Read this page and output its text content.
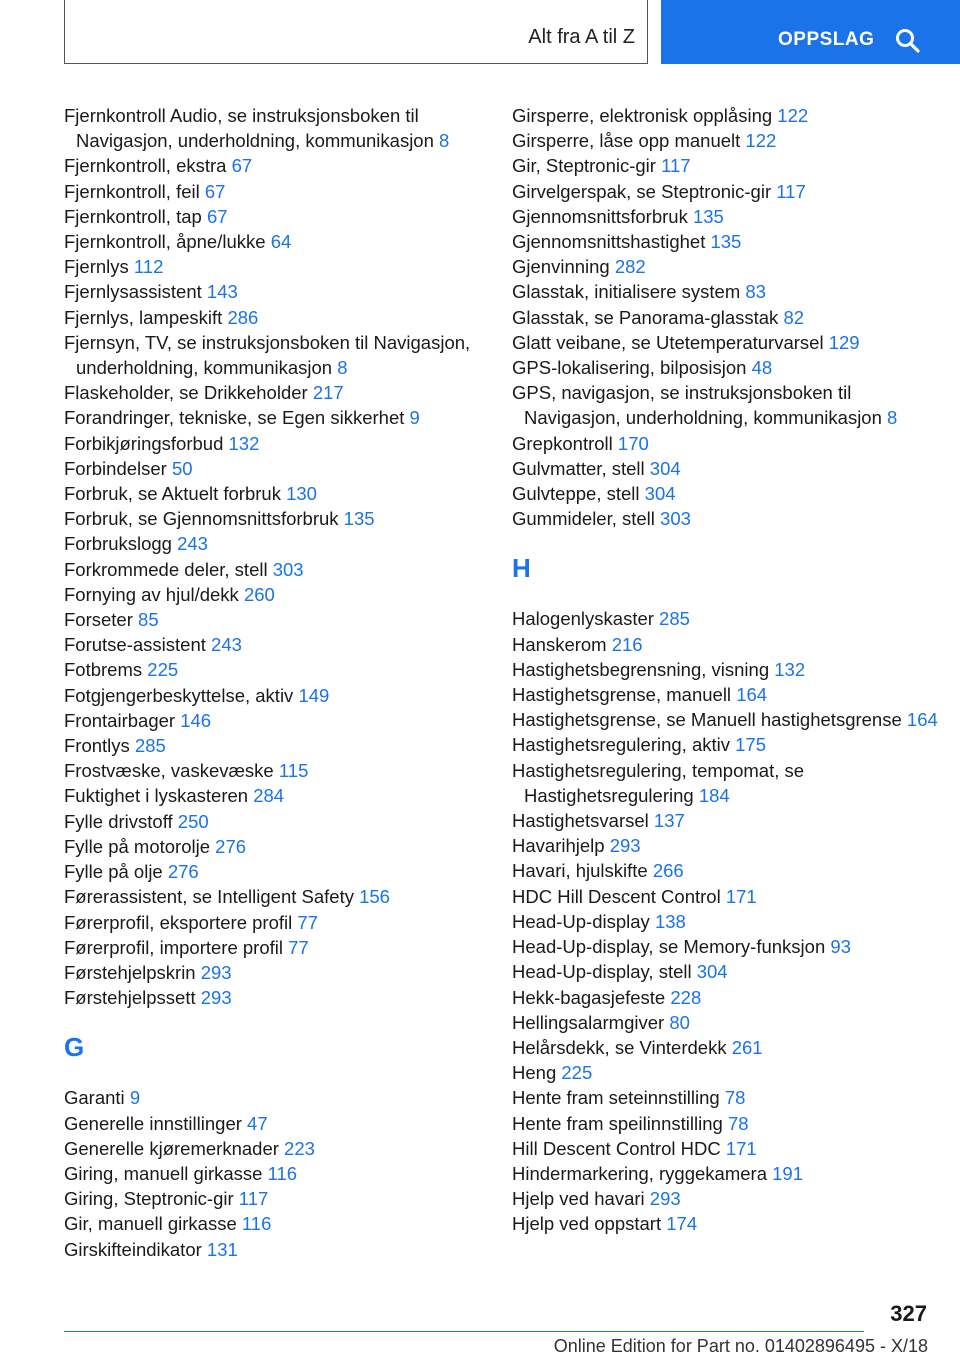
Alt fra A til Z	OPPSLAG
Fjernkontroll Audio, se instruksjonsboken til Navigasjon, underholdning, kommunikasjon 8
Fjernkontroll, ekstra 67
Fjernkontroll, feil 67
Fjernkontroll, tap 67
Fjernkontroll, åpne/lukke 64
Fjernlys 112
Fjernlysassistent 143
Fjernlys, lampeskift 286
Fjernsyn, TV, se instruksjonsboken til Navigasjon, underholdning, kommunikasjon 8
Flaskeholder, se Drikkeholder 217
Forandringer, tekniske, se Egen sikkerhet 9
Forbikjøringsforbud 132
Forbindelser 50
Forbruk, se Aktuelt forbruk 130
Forbruk, se Gjennomsnittsforbruk 135
Forbrukslogg 243
Forkrommede deler, stell 303
Fornying av hjul/dekk 260
Forseter 85
Forutse-assistent 243
Fotbrems 225
Fotgjengerbeskyttelse, aktiv 149
Frontairbager 146
Frontlys 285
Frostvæske, vaskevæske 115
Fuktighet i lyskasteren 284
Fylle drivstoff 250
Fylle på motorolje 276
Fylle på olje 276
Førerassistent, se Intelligent Safety 156
Førerprofil, eksportere profil 77
Førerprofil, importere profil 77
Førstehjelpskrin 293
Førstehjelpssett 293
G
Garanti 9
Generelle innstillinger 47
Generelle kjøremerknader 223
Giring, manuell girkasse 116
Giring, Steptronic-gir 117
Gir, manuell girkasse 116
Girskifteindikator 131
Girsperre, elektronisk opplåsing 122
Girsperre, låse opp manuelt 122
Gir, Steptronic-gir 117
Girvelgerspak, se Steptronic-gir 117
Gjennomsnittsforbruk 135
Gjennomsnittshastighet 135
Gjenvinning 282
Glasstak, initialisere system 83
Glasstak, se Panorama-glasstak 82
Glatt veibane, se Utetemperaturvarsel 129
GPS-lokalisering, bilposisjon 48
GPS, navigasjon, se instruksjonsboken til Navigasjon, underholdning, kommunikasjon 8
Grepkontroll 170
Gulvmatter, stell 304
Gulvteppe, stell 304
Gummideler, stell 303
H
Halogenlyskaster 285
Hanskerom 216
Hastighetsbegrensning, visning 132
Hastighetsgrense, manuell 164
Hastighetsgrense, se Manuell hastighetsgrense 164
Hastighetsregulering, aktiv 175
Hastighetsregulering, tempomat, se Hastighetsregulering 184
Hastighetsvarsel 137
Havarihjelp 293
Havari, hjulskifte 266
HDC Hill Descent Control 171
Head-Up-display 138
Head-Up-display, se Memory-funksjon 93
Head-Up-display, stell 304
Hekk-bagasjefeste 228
Hellingsalarmgiver 80
Helårsdekk, se Vinterdekk 261
Heng 225
Hente fram seteinnstilling 78
Hente fram speilinnstilling 78
Hill Descent Control HDC 171
Hindermarkering, ryggekamera 191
Hjelp ved havari 293
Hjelp ved oppstart 174
327
Online Edition for Part no. 01402896495 - X/18
